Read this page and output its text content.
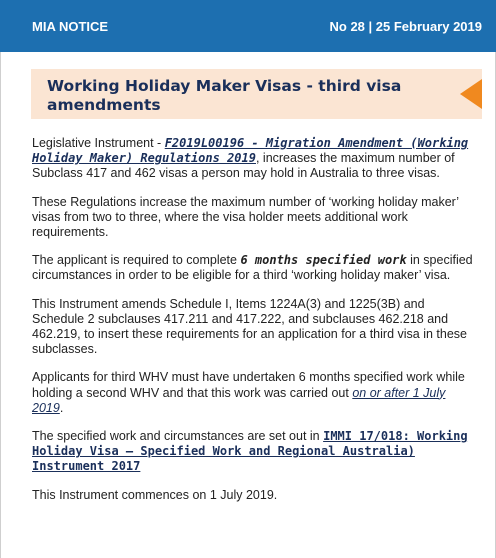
MIA NOTICE	No 28 | 25 February 2019
Working Holiday Maker Visas - third visa amendments

Legislative Instrument - F2019L00196 - Migration Amendment (Working Holiday Maker) Regulations 2019, increases the maximum number of Subclass 417 and 462 visas a person may hold in Australia to three visas.

These Regulations increase the maximum number of ‘working holiday maker’ visas from two to three, where the visa holder meets additional work requirements.

The applicant is required to complete 6 months specified work in specified circumstances in order to be eligible for a third ‘working holiday maker’ visa.

This Instrument amends Schedule I, Items 1224A(3) and 1225(3B) and Schedule 2 subclauses 417.211 and 417.222, and subclauses 462.218 and 462.219, to insert these requirements for an application for a third visa in these subclasses.

Applicants for third WHV must have undertaken 6 months specified work while holding a second WHV and that this work was carried out on or after 1 July 2019.

The specified work and circumstances are set out in IMMI 17/018: Working Holiday Visa – Specified Work and Regional Australia) Instrument 2017

This Instrument commences on 1 July 2019.
